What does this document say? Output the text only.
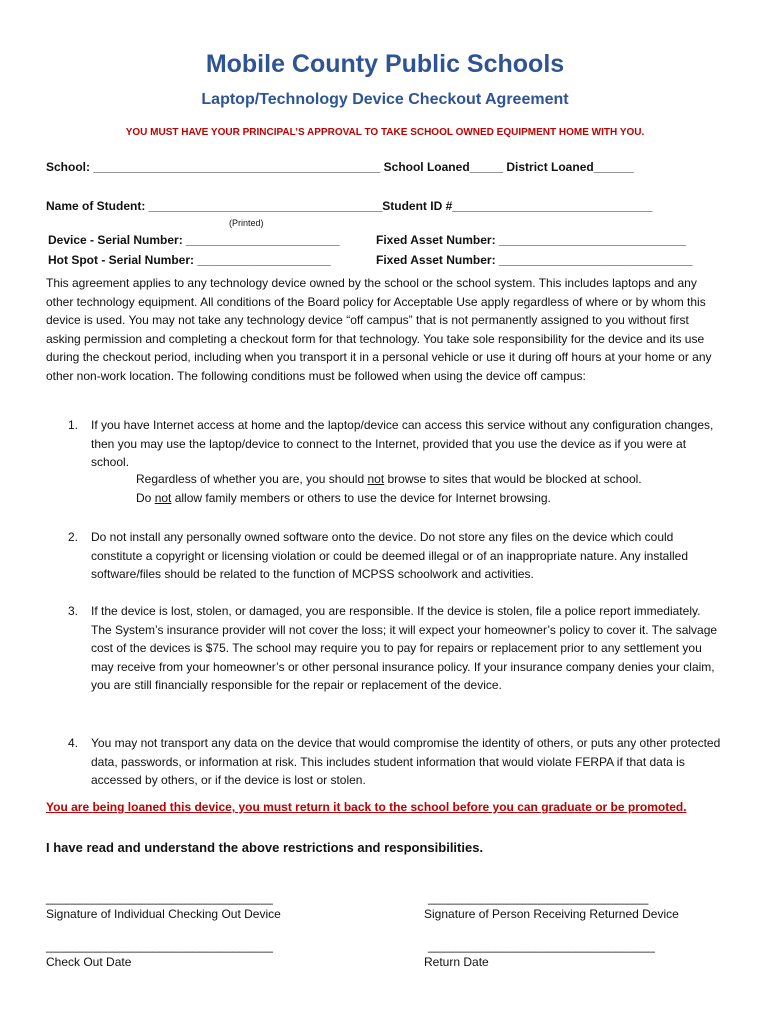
Mobile County Public Schools
Laptop/Technology Device Checkout Agreement
YOU MUST HAVE YOUR PRINCIPAL’S APPROVAL TO TAKE SCHOOL OWNED EQUIPMENT HOME WITH YOU.
School: ___________________________________________ School Loaned_____ District Loaned______
Name of Student: ___________________________________Student ID #______________________________
(Printed)
Device - Serial Number: _______________________	Fixed Asset Number: ____________________________
Hot Spot - Serial Number: ____________________	Fixed Asset Number: _____________________________
This agreement applies to any technology device owned by the school or the school system. This includes laptops and any other technology equipment. All conditions of the Board policy for Acceptable Use apply regardless of where or by whom this device is used. You may not take any technology device “off campus” that is not permanently assigned to you without first asking permission and completing a checkout form for that technology. You take sole responsibility for the device and its use during the checkout period, including when you transport it in a personal vehicle or use it during off hours at your home or any other non-work location. The following conditions must be followed when using the device off campus:
1. If you have Internet access at home and the laptop/device can access this service without any configuration changes, then you may use the laptop/device to connect to the Internet, provided that you use the device as if you were at school.
Regardless of whether you are, you should not browse to sites that would be blocked at school.
Do not allow family members or others to use the device for Internet browsing.
2. Do not install any personally owned software onto the device. Do not store any files on the device which could constitute a copyright or licensing violation or could be deemed illegal or of an inappropriate nature. Any installed software/files should be related to the function of MCPSS schoolwork and activities.
3. If the device is lost, stolen, or damaged, you are responsible. If the device is stolen, file a police report immediately. The System’s insurance provider will not cover the loss; it will expect your homeowner’s policy to cover it. The salvage cost of the devices is $75. The school may require you to pay for repairs or replacement prior to any settlement you may receive from your homeowner’s or other personal insurance policy. If your insurance company denies your claim, you are still financially responsible for the repair or replacement of the device.
4. You may not transport any data on the device that would compromise the identity of others, or puts any other protected data, passwords, or information at risk. This includes student information that would violate FERPA if that data is accessed by others, or if the device is lost or stolen.
You are being loaned this device, you must return it back to the school before you can graduate or be promoted.
I have read and understand the above restrictions and responsibilities.
__________________________________
Signature of Individual Checking Out Device
_________________________________
Signature of Person Receiving Returned Device
__________________________________
Check Out Date
__________________________________
Return Date
